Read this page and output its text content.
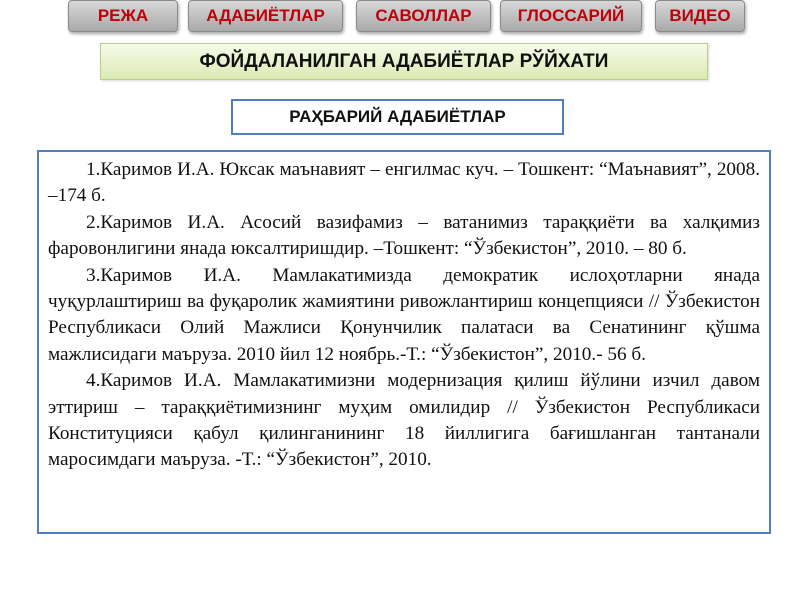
РЕЖА	АДАБИЁТЛАР	САВОЛЛАР	ГЛОССАРИЙ	ВИДЕО
ФОЙДАЛАНИЛГАН АДАБИЁТЛАР РЎЙХАТИ
РАҲБАРИЙ АДАБИЁТЛАР

1.Каримов И.А. Юксак маънавият – енгилмас куч. – Тошкент: “Маънавият”, 2008. –174 б.

2.Каримов И.А. Асосий вазифамиз – ватанимиз тараққиёти ва халқимиз фаровонлигини янада юксалтиришдир. –Тошкент: “Ўзбекистон”, 2010. – 80 б.

3.Каримов И.А. Мамлакатимизда демократик ислоҳотларни янада чуқурлаштириш ва фуқаролик жамиятини ривожлантириш концепцияси // Ўзбекистон Республикаси Олий Мажлиси Қонунчилик палатаси ва Сенатининг қўшма мажлисидаги маъруза. 2010 йил 12 ноябрь.-Т.: “Ўзбекистон”, 2010.- 56 б.

4.Каримов И.А. Мамлакатимизни модернизация қилиш йўлини изчил давом эттириш – тараққиётимизнинг муҳим омилидир // Ўзбекистон Республикаси Конституцияси қабул қилинганининг 18 йиллигига бағишланган тантанали маросимдаги маъруза. -Т.: “Ўзбекистон”, 2010.
